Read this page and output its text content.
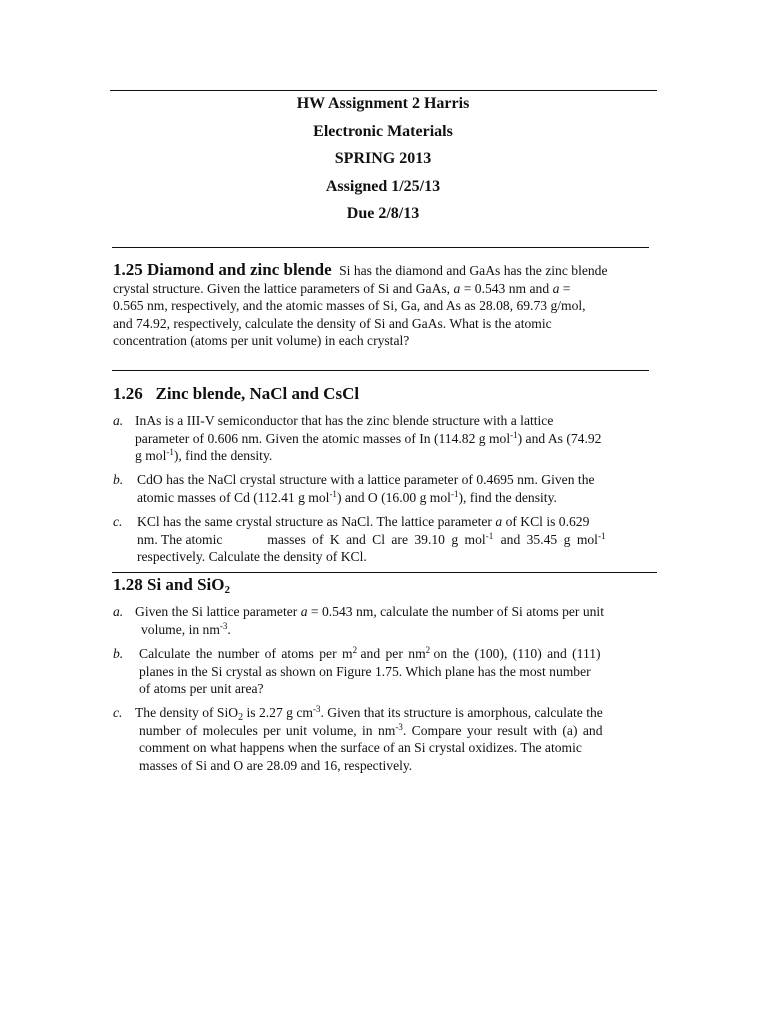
HW Assignment 2 Harris
Electronic Materials
SPRING 2013
Assigned 1/25/13
Due 2/8/13
1.25 Diamond and zinc blende Si has the diamond and GaAs has the zinc blende
crystal structure. Given the lattice parameters of Si and GaAs, a = 0.543 nm and a =
0.565 nm, respectively, and the atomic masses of Si, Ga, and As as 28.08, 69.73 g/mol,
and 74.92, respectively, calculate the density of Si and GaAs. What is the atomic
concentration (atoms per unit volume) in each crystal?
1.26   Zinc blende, NaCl and CsCl
a. InAs is a III-V semiconductor that has the zinc blende structure with a lattice
parameter of 0.606 nm. Given the atomic masses of In (114.82 g mol$^{-1}$) and As (74.92
g mol$^{-1}$), find the density.
b.	CdO has the NaCl crystal structure with a lattice parameter of 0.4695 nm. Given the
atomic masses of Cd (112.41 g mol$^{-1}$) and O (16.00 g mol$^{-1}$), find the density.
c.	KCl has the same crystal structure as NaCl. The lattice parameter a of KCl is 0.629
nm. The atomic	masses of K and Cl are 39.10 g mol$^{-1}$ and 35.45 g mol$^{-1}$
respectively. Calculate the density of KCl.
1.28 Si and SiO$_2$
a. Given the Si lattice parameter a = 0.543 nm, calculate the number of Si atoms per unit
volume, in $nm^{-3}$.
b.	Calculate the number of atoms per $m^2$ and per $nm^2$ on the (100), (110) and (111)
planes in the Si crystal as shown on Figure 1.75. Which plane has the most number
of atoms per unit area?
c. The density of SiO$_2$ is 2.27 g $cm^{-3}$. Given that its structure is amorphous, calculate the
number of molecules per unit volume, in $nm^{-3}$. Compare your result with (a) and
comment on what happens when the surface of an Si crystal oxidizes. The atomic
masses of Si and O are 28.09 and 16, respectively.
